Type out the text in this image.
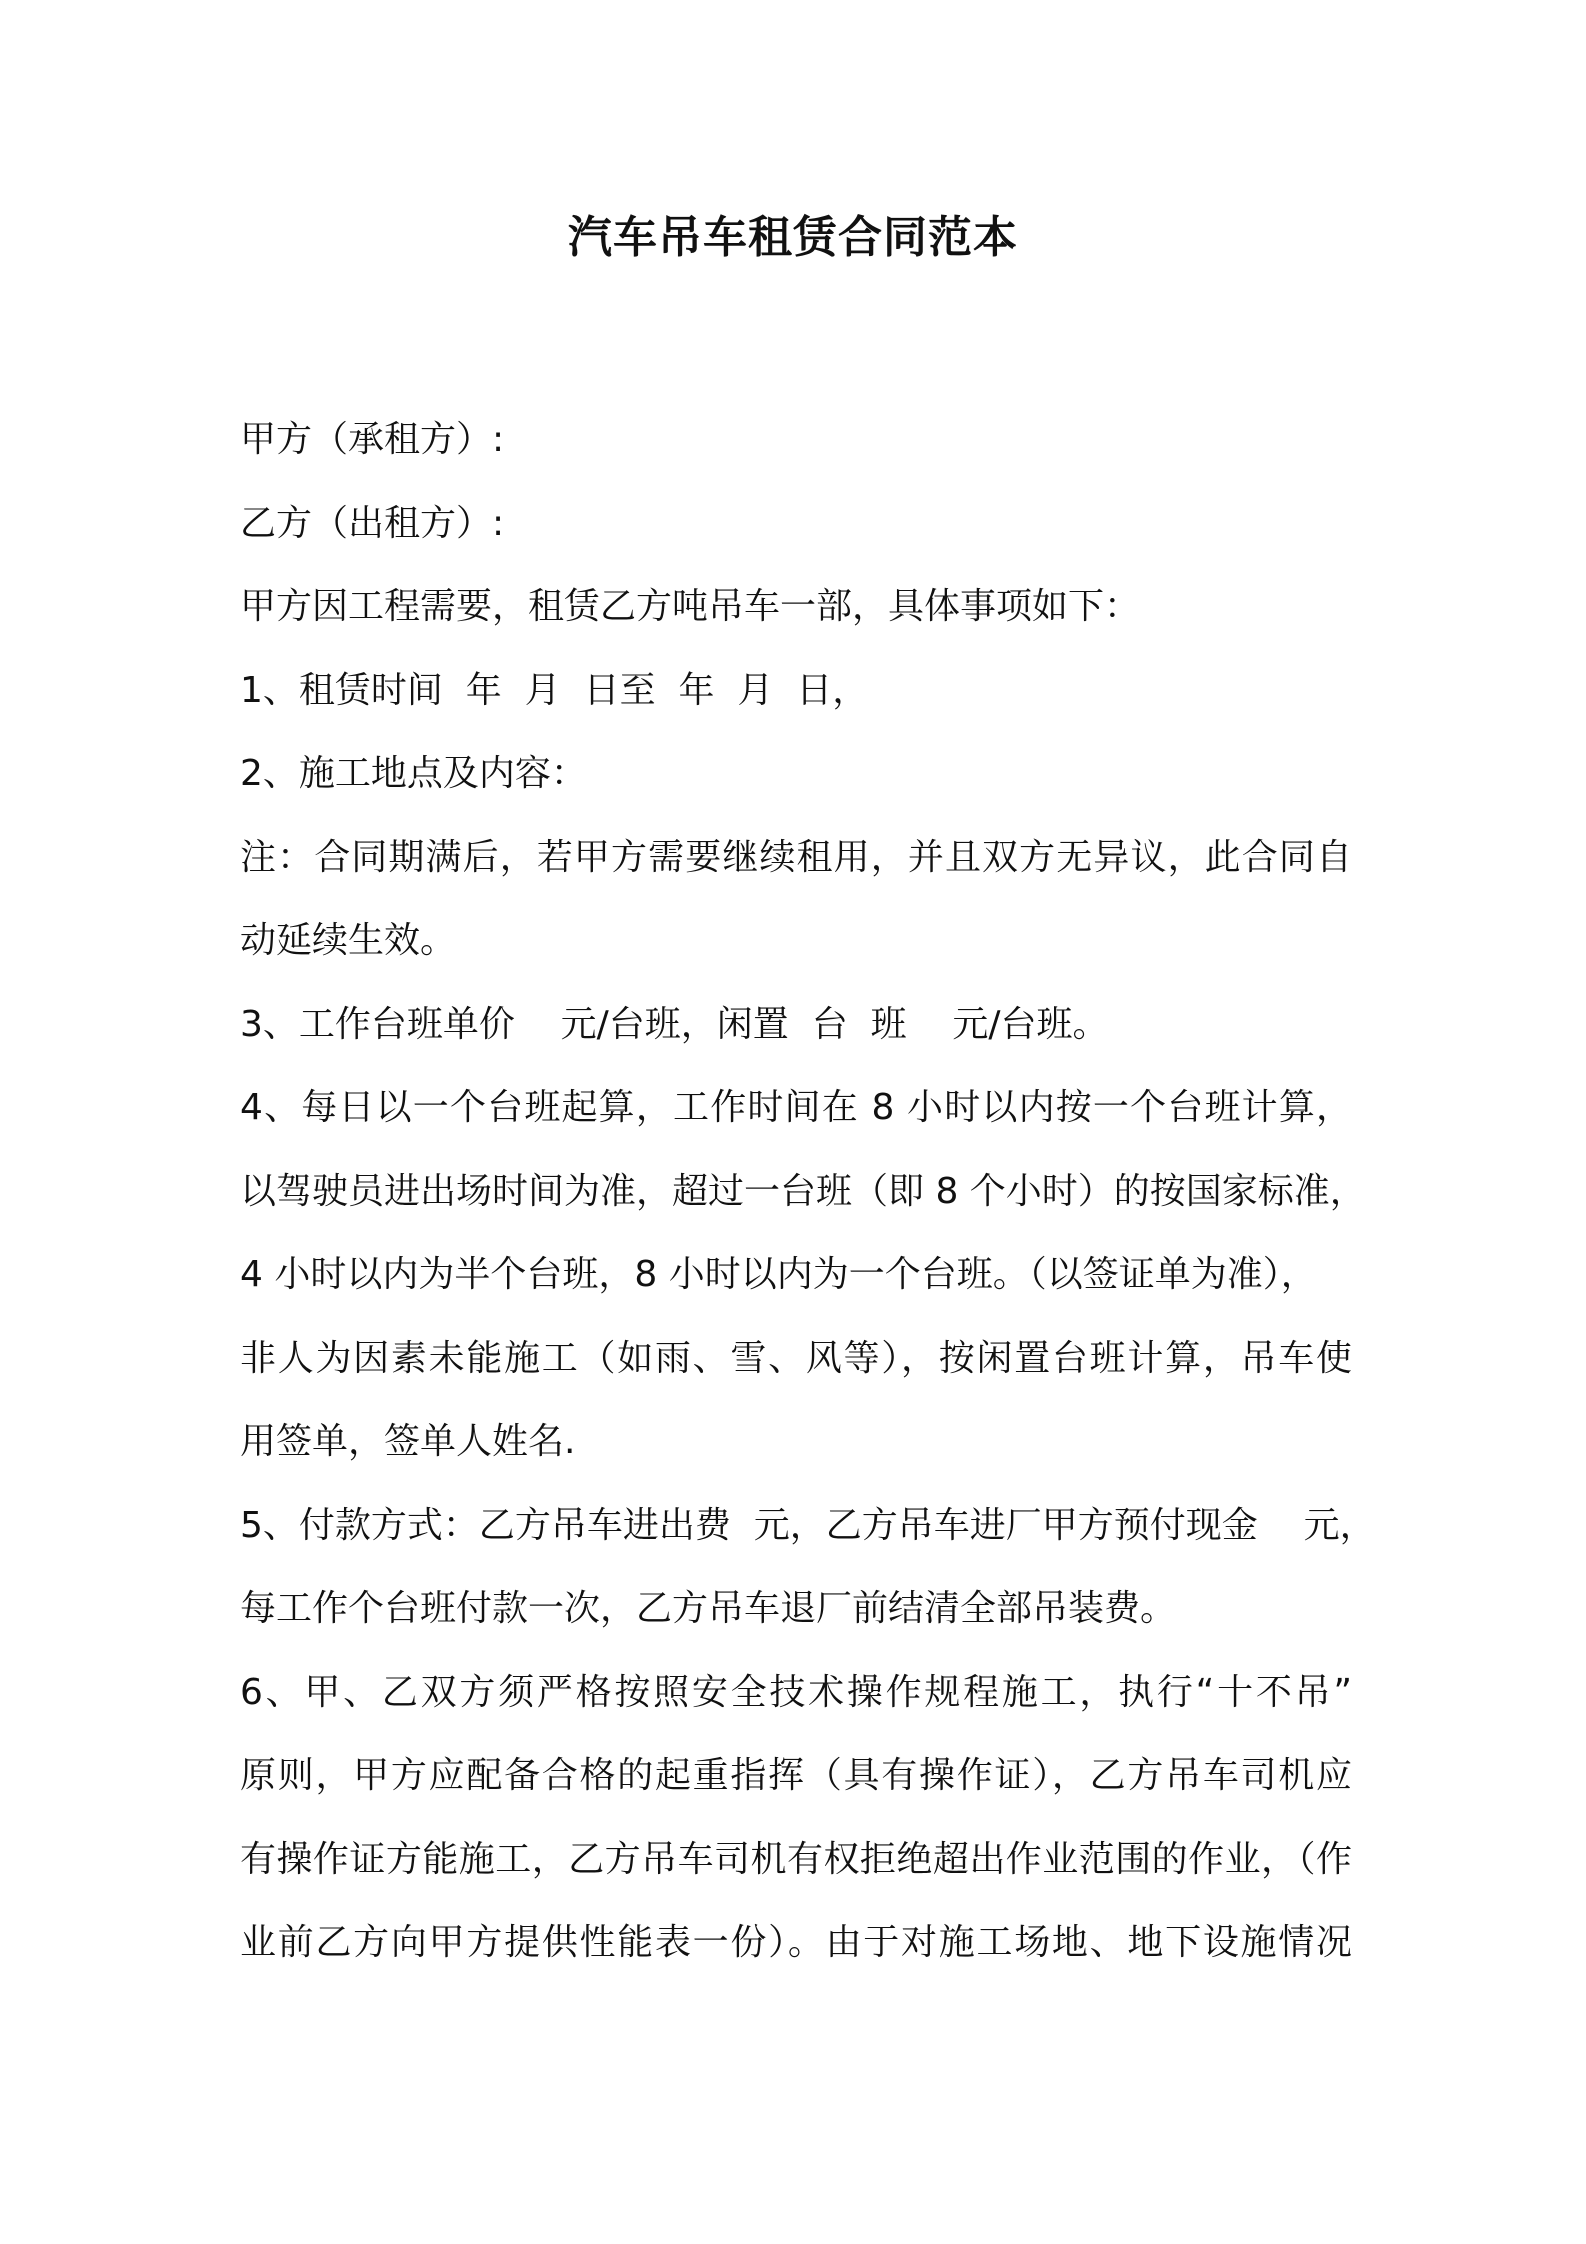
汽车吊车租赁合同范本

甲方（承租方）:

乙方（出租方）:

甲方因工程需要，租赁乙方吨吊车一部，具体事项如下：

1、租赁时间  年  月  日至  年  月  日，

2、施工地点及内容：

注：合同期满后，若甲方需要继续租用，并且双方无异议，此合同自

动延续生效。

3、工作台班单价    元/台班，闲置  台  班    元/台班。

4、每日以一个台班起算，工作时间在 8 小时以内按一个台班计算，

以驾驶员进出场时间为准，超过一台班（即 8 个小时）的按国家标准，

4 小时以内为半个台班，8 小时以内为一个台班。（以签证单为准），

非人为因素未能施工（如雨、雪、风等），按闲置台班计算，吊车使

用签单，签单人姓名.

5、付款方式：乙方吊车进出费  元，乙方吊车进厂甲方预付现金    元，

每工作个台班付款一次，乙方吊车退厂前结清全部吊装费。

6、甲、乙双方须严格按照安全技术操作规程施工，执行“十不吊”

原则，甲方应配备合格的起重指挥（具有操作证），乙方吊车司机应

有操作证方能施工，乙方吊车司机有权拒绝超出作业范围的作业，（作

业前乙方向甲方提供性能表一份）。由于对施工场地、地下设施情况
